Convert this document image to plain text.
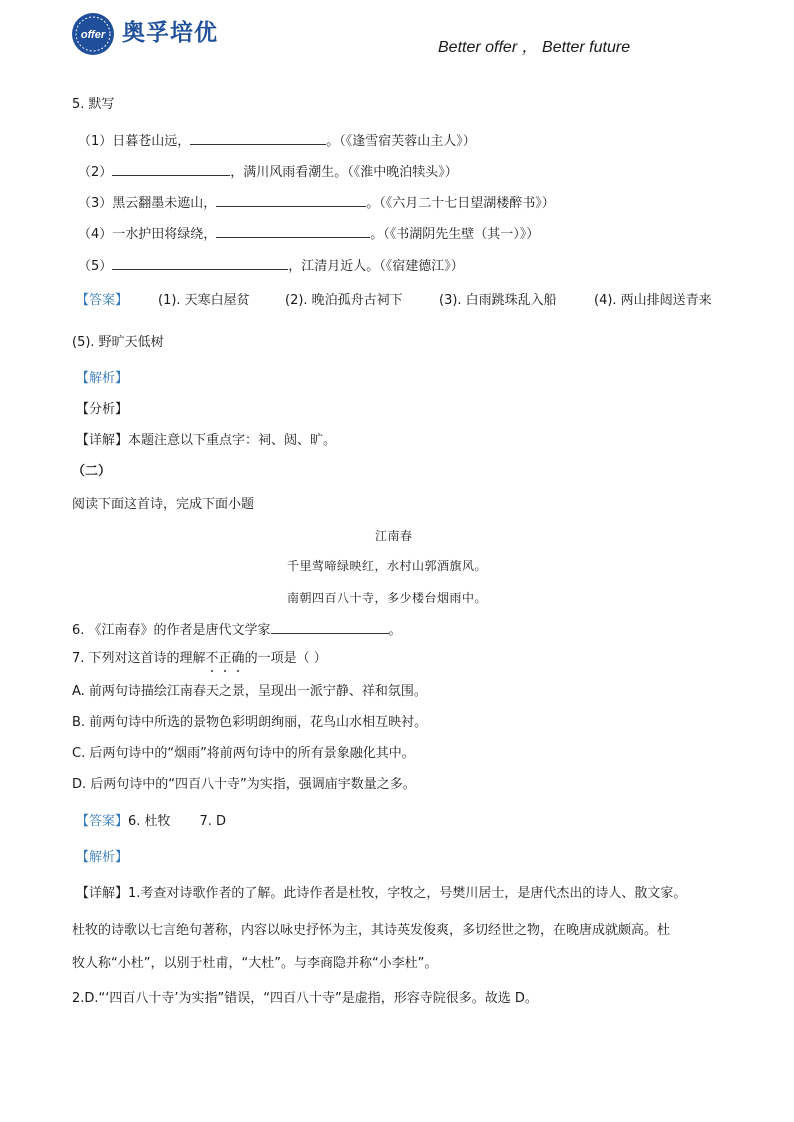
offer 奥孚培优
Better offer ， Better future
5. 默写
（1）日暮苍山远，	。（《逢雪宿芙蓉山主人》）
（2）	，满川风雨看潮生。（《淮中晚泊犊头》）
（3）黑云翻墨未遮山，	。（《六月二十七日望湖楼醉书》）
（4）一水护田将绿绕，	。（《书湖阴先生壁（其一）》）
（5）	，江清月近人。（《宿建德江》）
【答案】 (1). 天寒白屋贫	(2). 晚泊孤舟古祠下	(3). 白雨跳珠乱入船	(4). 两山排闼送青来
(5). 野旷天低树
【解析】
【分析】
【详解】本题注意以下重点字：祠、闼、旷。
（二）
阅读下面这首诗，完成下面小题
江南春
千里莺啼绿映红，水村山郭酒旗风。
南朝四百八十寺，多少楼台烟雨中。
6. 《江南春》的作者是唐代文学家	。
7. 下列对这首诗的理解不正确
的一项是（ ）
A. 前两句诗描绘江南春天之景，呈现出一派宁静、祥和氛围。
B. 前两句诗中所选的景物色彩明朗绚丽，花鸟山水相互映衬。
C. 后两句诗中的“烟雨”将前两句诗中的所有景象融化其中。
D. 后两句诗中的“四百八十寺”为实指，强调庙宇数量之多。
【答案】6. 杜牧       7. D
【解析】
【详解】1.考查对诗歌作者的了解。此诗作者是杜牧，字牧之，号樊川居士，是唐代杰出的诗人、散文家。
杜牧的诗歌以七言绝句著称，内容以咏史抒怀为主，其诗英发俊爽，多切经世之物，在晚唐成就颇高。杜
牧人称“小杜”，以别于杜甫，“大杜”。与李商隐并称“小李杜”。
2.D.“‘四百八十寺’为实指”错误，“四百八十寺”是虚指，形容寺院很多。故选 D。
